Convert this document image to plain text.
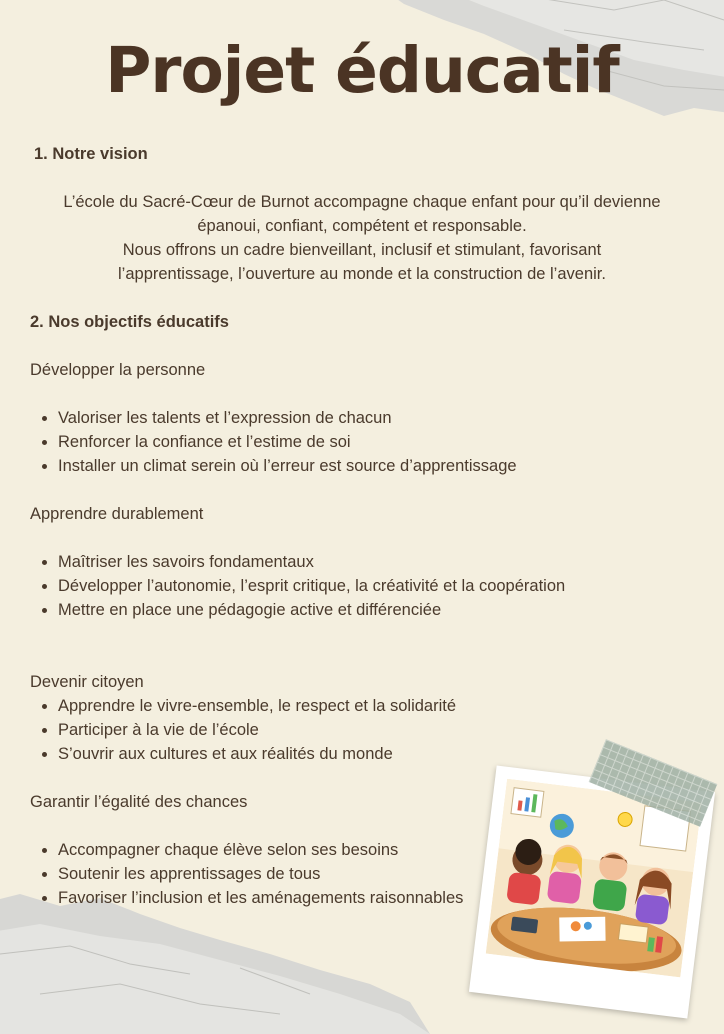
Projet éducatif

1. Notre vision

L’école du Sacré-Cœur de Burnot accompagne chaque enfant pour qu’il devienne

épanoui, confiant, compétent et responsable.

Nous offrons un cadre bienveillant, inclusif et stimulant, favorisant

l’apprentissage, l’ouverture au monde et la construction de l’avenir.

2. Nos objectifs éducatifs

Développer la personne

• Valoriser les talents et l’expression de chacun
• Renforcer la confiance et l’estime de soi
• Installer un climat serein où l’erreur est source d’apprentissage

Apprendre durablement

• Maîtriser les savoirs fondamentaux
• Développer l’autonomie, l’esprit critique, la créativité et la coopération
• Mettre en place une pédagogie active et différenciée

Devenir citoyen

• Apprendre le vivre-ensemble, le respect et la solidarité
• Participer à la vie de l’école
• S’ouvrir aux cultures et aux réalités du monde

Garantir l’égalité des chances

• Accompagner chaque élève selon ses besoins
• Soutenir les apprentissages de tous
• Favoriser l’inclusion et les aménagements raisonnables
